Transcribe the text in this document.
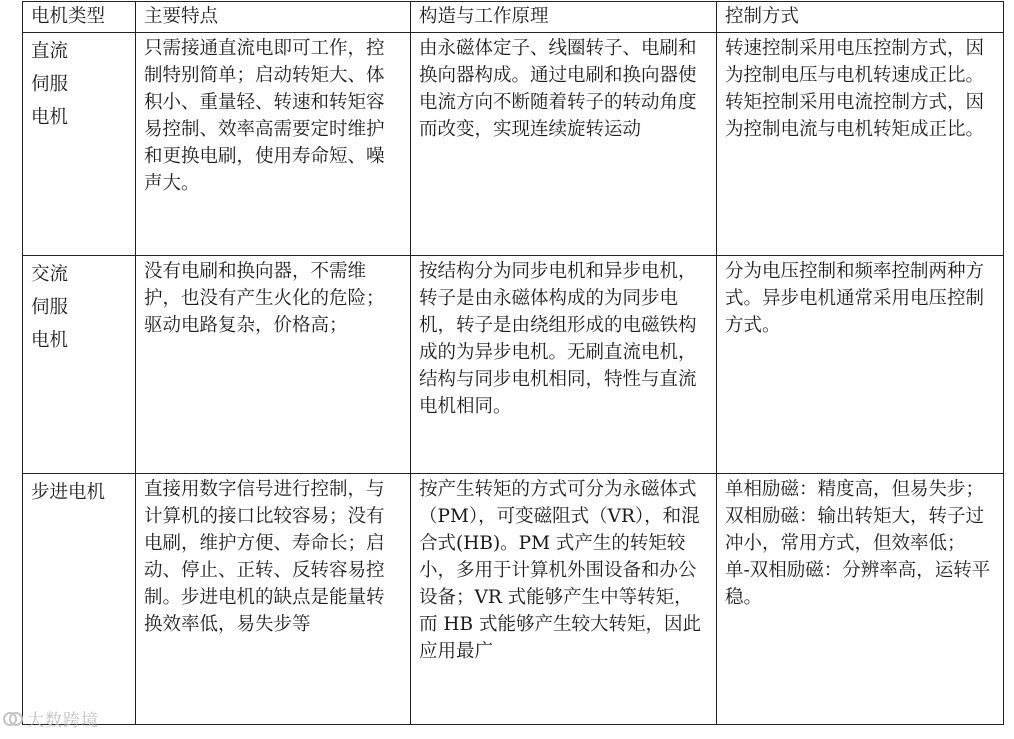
电机类型	主要特点	构造与工作原理	控制方式

直流
伺服
电机	只需接通直流电即可工作，控制特别简单；启动转矩大、体积小、重量轻、转速和转矩容易控制、效率高需要定时维护和更换电刷，使用寿命短、噪声大。	由永磁体定子、线圈转子、电刷和换向器构成。通过电刷和换向器使电流方向不断随着转子的转动角度而改变，实现连续旋转运动	转速控制采用电压控制方式，因为控制电压与电机转速成正比。
转矩控制采用电流控制方式，因为控制电流与电机转矩成正比。

交流
伺服
电机	没有电刷和换向器，不需维护，也没有产生火化的危险；驱动电路复杂，价格高；	按结构分为同步电机和异步电机，转子是由永磁体构成的为同步电机，转子是由绕组形成的电磁铁构成的为异步电机。无刷直流电机，结构与同步电机相同，特性与直流电机相同。	分为电压控制和频率控制两种方式。异步电机通常采用电压控制方式。

步进电机	直接用数字信号进行控制，与计算机的接口比较容易；没有电刷，维护方便、寿命长；启动、停止、正转、反转容易控制。步进电机的缺点是能量转换效率低，易失步等	按产生转矩的方式可分为永磁体式（PM），可变磁阻式（VR），和混合式(HB)。PM 式产生的转矩较小，多用于计算机外围设备和办公设备；VR 式能够产生中等转矩，而 HB 式能够产生较大转矩，因此应用最广	单相励磁：精度高，但易失步；
双相励磁：输出转矩大，转子过冲小，常用方式，但效率低；
单-双相励磁：分辨率高，运转平稳。
大数跨境
